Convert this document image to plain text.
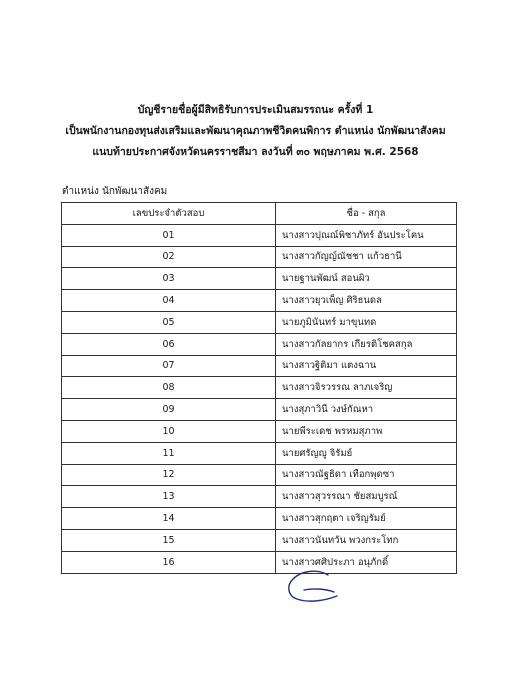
บัญชีรายชื่อผู้มีสิทธิรับการประเมินสมรรถนะ ครั้งที่ 1
เป็นพนักงานกองทุนส่งเสริมและพัฒนาคุณภาพชีวิตคนพิการ ตำแหน่ง นักพัฒนาสังคม
แนบท้ายประกาศจังหวัดนครราชสีมา ลงวันที่ ๓๐ พฤษภาคม พ.ศ. 2568
ตำแหน่ง นักพัฒนาสังคม
เลขประจำตัวสอบ	ชื่อ - สกุล
01	นางสาวปุณณ์พิชาภัทร์ อันประโคน
02	นางสาวกัญญ์ณัชชา แก้วธานี
03	นายฐานพัฒน์ สอนผิว
04	นางสาวยุวเพ็ญ ศิริธนดล
05	นายภูมินันทร์ มาขุนทด
06	นางสาวกัลยากร เกียรติโชคสกุล
07	นางสาวฐิติมา แตงฉาน
08	นางสาวจิรวรรณ ลาภเจริญ
09	นางสุภาวินี วงษ์กัณหา
10	นายพีระเดช พรหมสุภาพ
11	นายศรัญญู จิรัมย์
12	นางสาวณัฐธิดา เทือกพุดซา
13	นางสาวสุวรรณา ชัยสมบูรณ์
14	นางสาวสุกฤตา เจริญรัมย์
15	นางสาวนันทวัน พวงกระโทก
16	นางสาวศศิประภา อนุภักดิ์
